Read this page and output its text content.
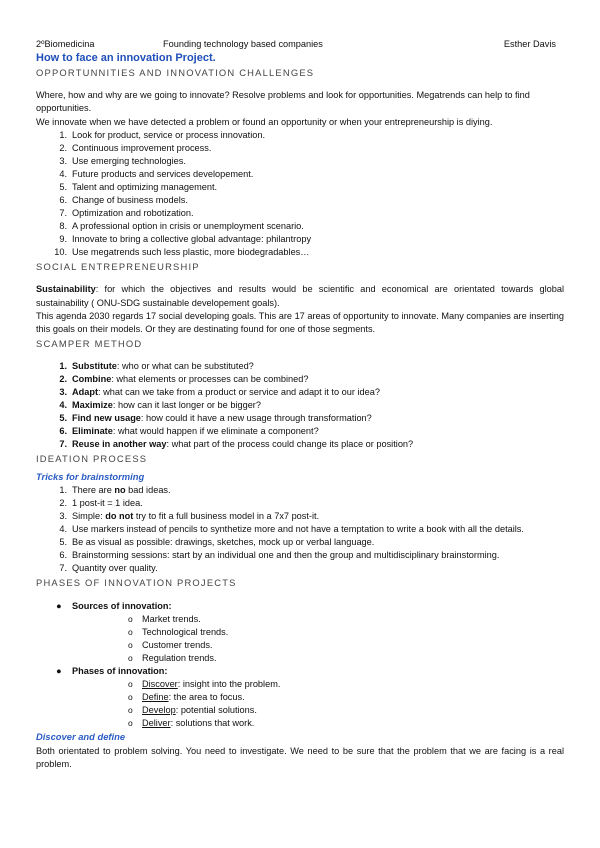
2ºBiomedicina	Founding technology based companies	Esther Davis
How to face an innovation Project.
OPPORTUNNITIES AND INNOVATION CHALLENGES

Where, how and why are we going to innovate? Resolve problems and look for opportunities. Megatrends can help to find opportunities.

We innovate when we have detected a problem or found an opportunity or when your entrepreneurship is diying.

1. Look for product, service or process innovation.
2. Continuous improvement process.
3. Use emerging technologies.
4. Future products and services developement.
5. Talent and optimizing management.
6. Change of business models.
7. Optimization and robotization.
8. A professional option in crisis or unemployment scenario.
9. Innovate to bring a collective global advantage: philantropy
10. Use megatrends such less plastic, more biodegradables…
SOCIAL ENTREPRENEURSHIP

Sustainability: for which the objectives and results would be scientific and economical are orientated towards global sustainability ( ONU-SDG sustainable developement goals).

This agenda 2030 regards 17 social developing goals. This are 17 areas of opportunity to innovate. Many companies are inserting this goals on their models. Or they are destinating found for one of those segments.

SCAMPER METHOD
1. Substitute: who or what can be substituted?
2. Combine: what elements or processes can be combined?
3. Adapt: what can we take from a product or service and adapt it to our idea?
4. Maximize: how can it last longer or be bigger?
5. Find new usage: how could it have a new usage through transformation?
6. Eliminate: what would happen if we eliminate a component?
7. Reuse in another way: what part of the process could change its place or position?
IDEATION PROCESS
Tricks for brainstorming
1. There are no bad ideas.
2. 1 post-it = 1 idea.
3. Simple: do not try to fit a full business model in a 7x7 post-it.
4. Use markers instead of pencils to synthetize more and not have a temptation to write a book with all the details.
5. Be as visual as possible: drawings, sketches, mock up or verbal language.
6. Brainstorming sessions: start by an individual one and then the group and multidisciplinary brainstorming.
7. Quantity over quality.
PHASES OF INNOVATION PROJECTS
● Sources of innovation:
o Market trends.
o Technological trends.
o Customer trends.
o Regulation trends.
● Phases of innovation:
o Discover: insight into the problem.
o Define: the area to focus.
o Develop: potential solutions.
o Deliver: solutions that work.
Discover and define

Both orientated to problem solving. You need to investigate. We need to be sure that the problem that we are facing is a real problem.
